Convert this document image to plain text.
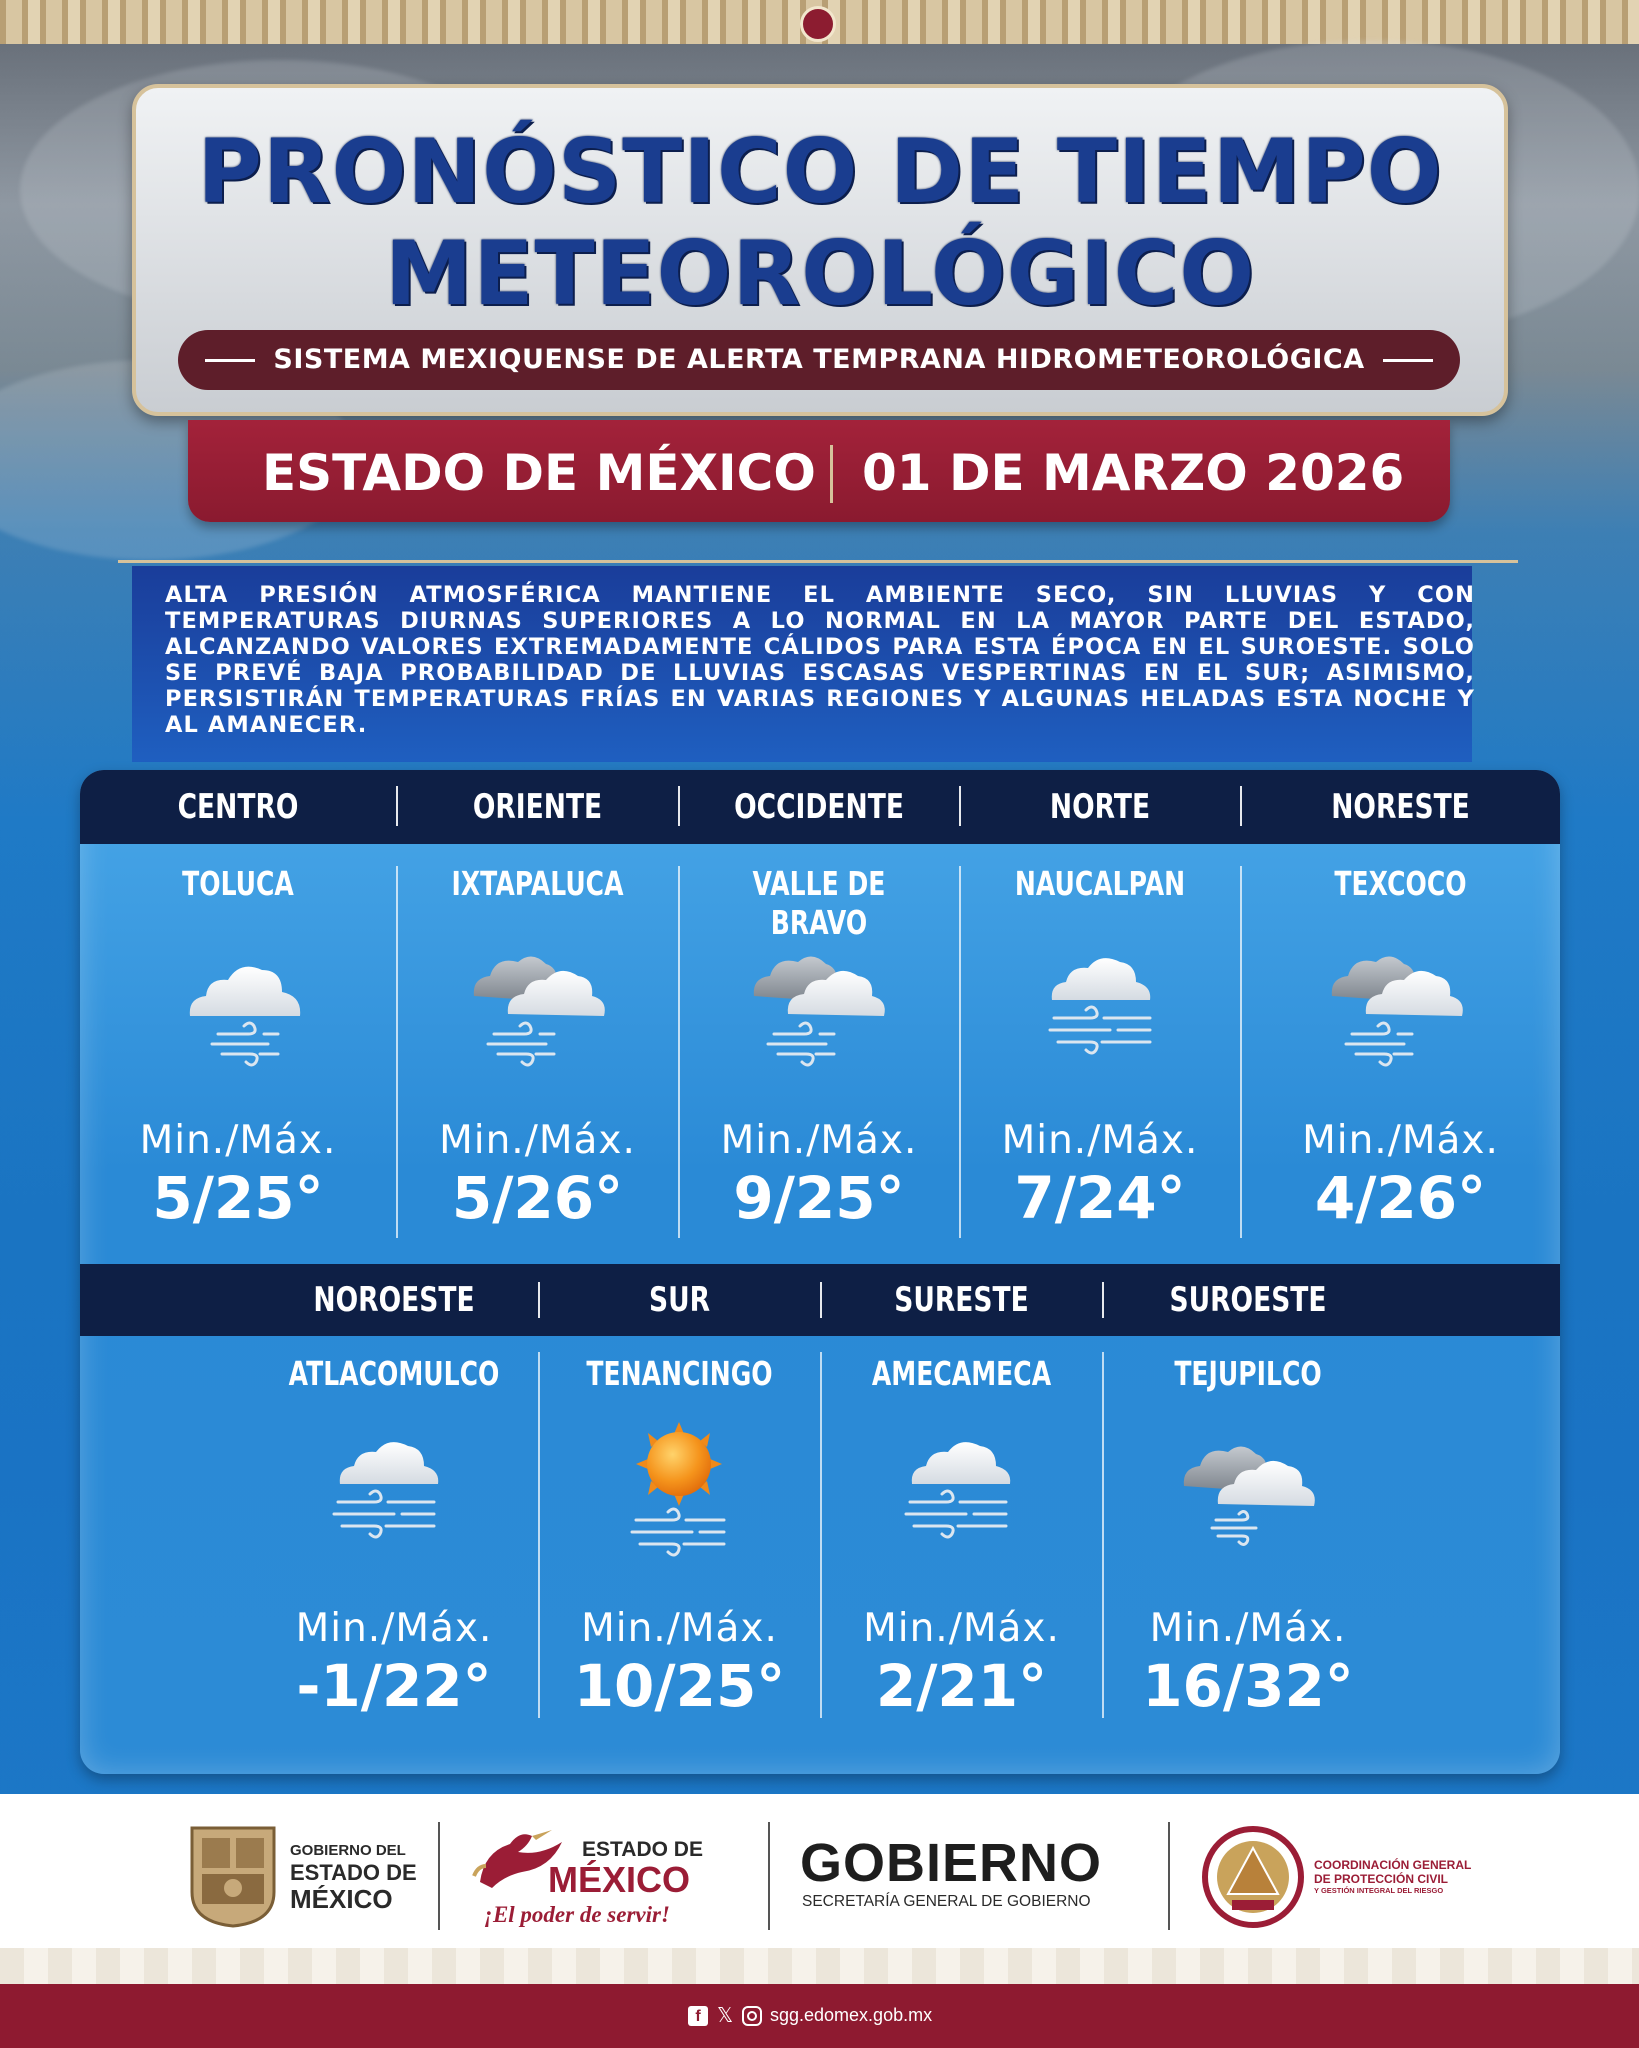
PRONÓSTICO DE TIEMPO
METEOROLÓGICO
SISTEMA MEXIQUENSE DE ALERTA TEMPRANA HIDROMETEOROLÓGICA
ESTADO DE MÉXICO 01 DE MARZO 2026
ALTA PRESIÓN ATMOSFÉRICA MANTIENE EL AMBIENTE SECO, SIN LLUVIAS Y CON TEMPERATURAS DIURNAS SUPERIORES A LO NORMAL EN LA MAYOR PARTE DEL ESTADO, ALCANZANDO VALORES EXTREMADAMENTE CÁLIDOS PARA ESTA ÉPOCA EN EL SUROESTE. SOLO SE PREVÉ BAJA PROBABILIDAD DE LLUVIAS ESCASAS VESPERTINAS EN EL SUR; ASIMISMO, PERSISTIRÁN TEMPERATURAS FRÍAS EN VARIAS REGIONES Y ALGUNAS HELADAS ESTA NOCHE Y AL AMANECER.
CENTRO
TOLUCA
Min./Máx.
5/25°
ORIENTE
IXTAPALUCA
Min./Máx.
5/26°
OCCIDENTE
VALLE DE BRAVO
Min./Máx.
9/25°
NORTE
NAUCALPAN
Min./Máx.
7/24°
NORESTE
TEXCOCO
Min./Máx.
4/26°
NOROESTE
ATLACOMULCO
Min./Máx.
-1/22°
SUR
TENANCINGO
Min./Máx.
10/25°
SURESTE
AMECAMECA
Min./Máx.
2/21°
SUROESTE
TEJUPILCO
Min./Máx.
16/32°
GOBIERNO DEL
ESTADO DE
MÉXICO
ESTADO DE
MÉXICO
¡El poder de servir!
GOBIERNO
SECRETARÍA GENERAL DE GOBIERNO
COORDINACIÓN GENERAL
DE PROTECCIÓN CIVIL
Y GESTIÓN INTEGRAL DEL RIESGO
f 𝕏 sgg.edomex.gob.mx
